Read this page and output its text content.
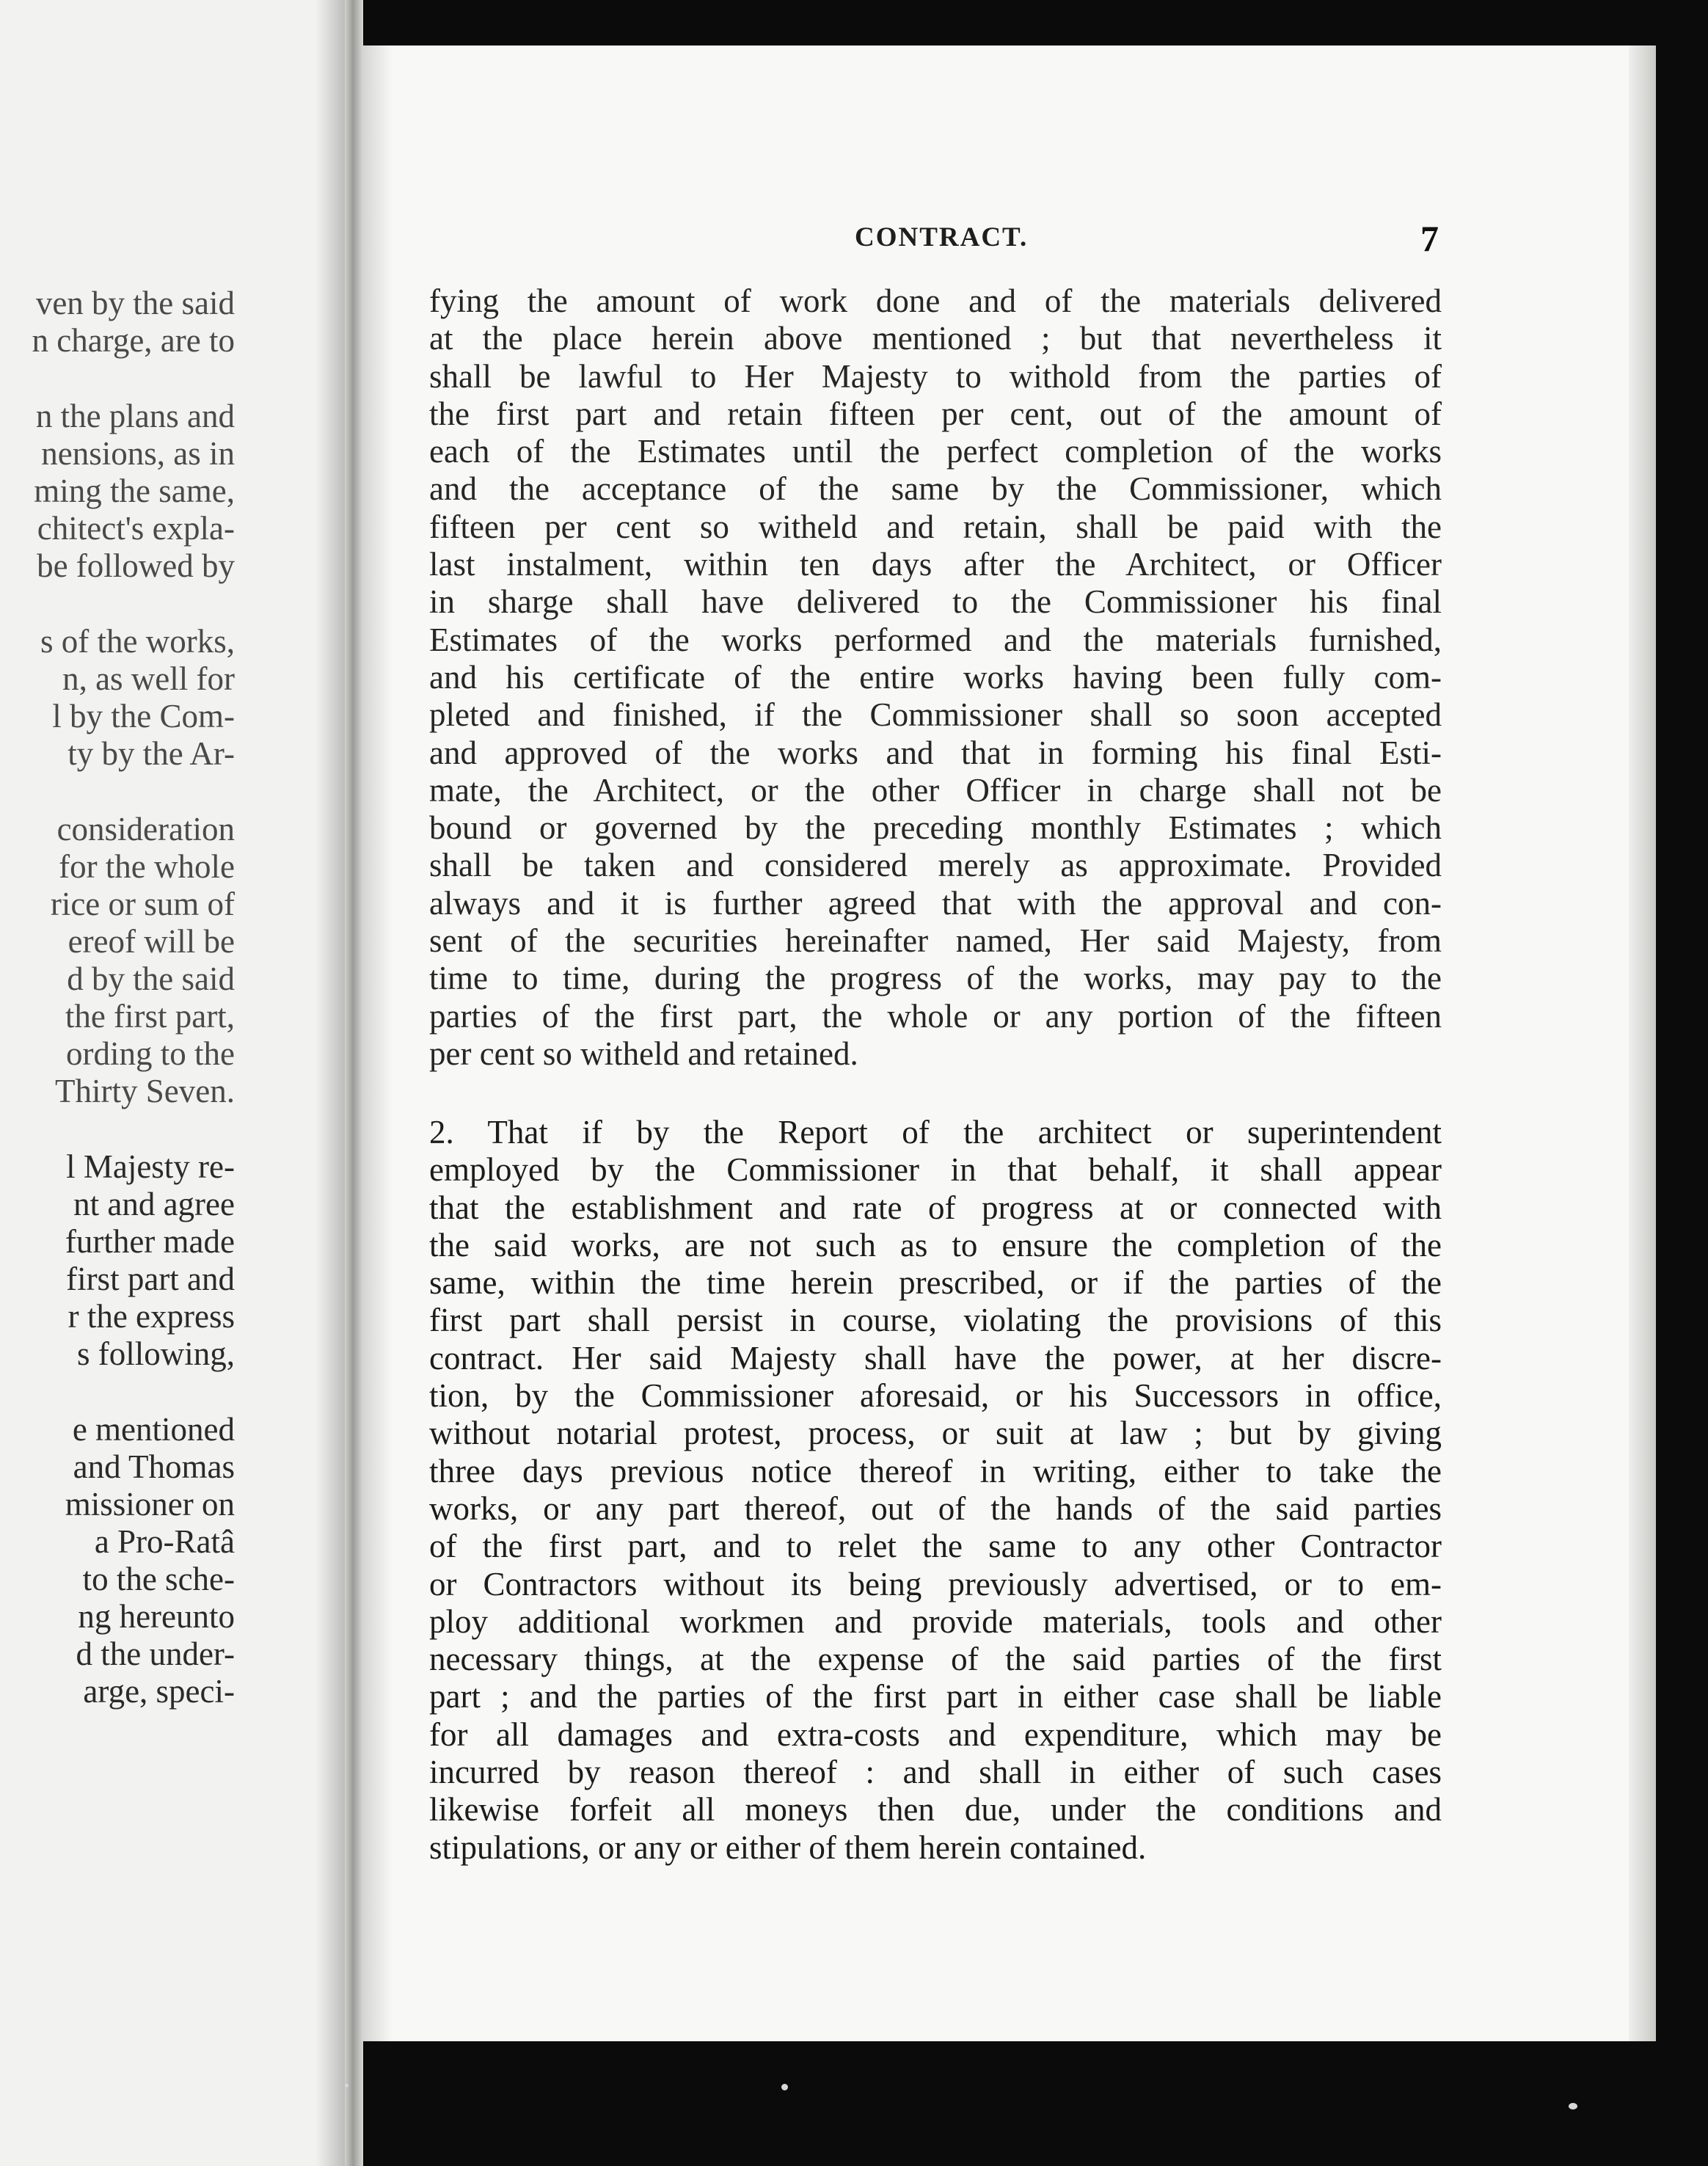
ven by the said
n charge, are to
n the plans and
nensions, as in
ming the same,
chitect's expla-
be followed by
s of the works,
n, as well for
l by the Com-
ty by the Ar-
consideration
for the whole
rice or sum of
ereof will be
d by the said
the first part,
ording to the
Thirty Seven.
l Majesty re-
nt and agree
further made
first part and
r the express
s following,
e mentioned
and Thomas
missioner on
a Pro-Ratâ
to the sche-
ng hereunto
d the under-
arge, speci-
CONTRACT.	7
fying the amount of work done and of the materials delivered
at the place herein above mentioned ; but that nevertheless it
shall be lawful to Her Majesty to withold from the parties of
the first part and retain fifteen per cent, out of the amount of
each of the Estimates until the perfect completion of the works
and the acceptance of the same by the Commissioner, which
fifteen per cent so witheld and retain, shall be paid with the
last instalment, within ten days after the Architect, or Officer
in sharge shall have delivered to the Commissioner his final
Estimates of the works performed and the materials furnished,
and his certificate of the entire works having been fully com-
pleted and finished, if the Commissioner shall so soon accepted
and approved of the works and that in forming his final Esti-
mate, the Architect, or the other Officer in charge shall not be
bound or governed by the preceding monthly Estimates ; which
shall be taken and considered merely as approximate. Provided
always and it is further agreed that with the approval and con-
sent of the securities hereinafter named, Her said Majesty, from
time to time, during the progress of the works, may pay to the
parties of the first part, the whole or any portion of the fifteen
per cent so witheld and retained.
2. That if by the Report of the architect or superintendent
employed by the Commissioner in that behalf, it shall appear
that the establishment and rate of progress at or connected with
the said works, are not such as to ensure the completion of the
same, within the time herein prescribed, or if the parties of the
first part shall persist in course, violating the provisions of this
contract. Her said Majesty shall have the power, at her discre-
tion, by the Commissioner aforesaid, or his Successors in office,
without notarial protest, process, or suit at law ; but by giving
three days previous notice thereof in writing, either to take the
works, or any part thereof, out of the hands of the said parties
of the first part, and to relet the same to any other Contractor
or Contractors without its being previously advertised, or to em-
ploy additional workmen and provide materials, tools and other
necessary things, at the expense of the said parties of the first
part ; and the parties of the first part in either case shall be liable
for all damages and extra-costs and expenditure, which may be
incurred by reason thereof : and shall in either of such cases
likewise forfeit all moneys then due, under the conditions and
stipulations, or any or either of them herein contained.
